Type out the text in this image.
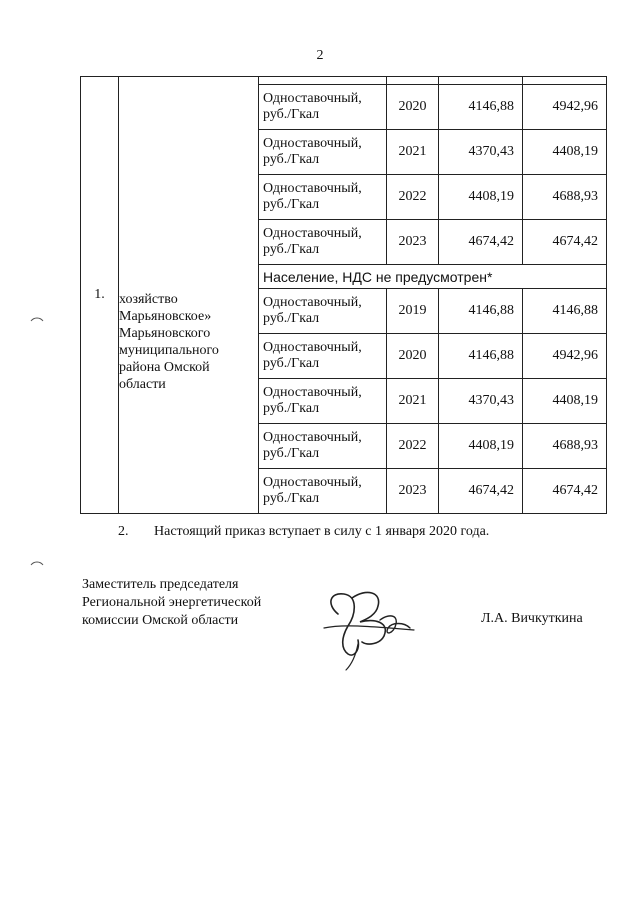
2
1.	хозяйство Марьяновское» Марьяновского муниципального района Омской области				

		Одноставочный, руб./Гкал	2020	4146,88	4942,96
		Одноставочный, руб./Гкал	2021	4370,43	4408,19
		Одноставочный, руб./Гкал	2022	4408,19	4688,93
		Одноставочный, руб./Гкал	2023	4674,42	4674,42
		Население, НДС не предусмотрен*			
		Одноставочный, руб./Гкал	2019	4146,88	4146,88
		Одноставочный, руб./Гкал	2020	4146,88	4942,96
		Одноставочный, руб./Гкал	2021	4370,43	4408,19
		Одноставочный, руб./Гкал	2022	4408,19	4688,93
		Одноставочный, руб./Гкал	2023	4674,42	4674,42
2. Настоящий приказ вступает в силу с 1 января 2020 года.
Заместитель председателя
Региональной энергетической
комиссии Омской области	Л.А. Вичкуткина
